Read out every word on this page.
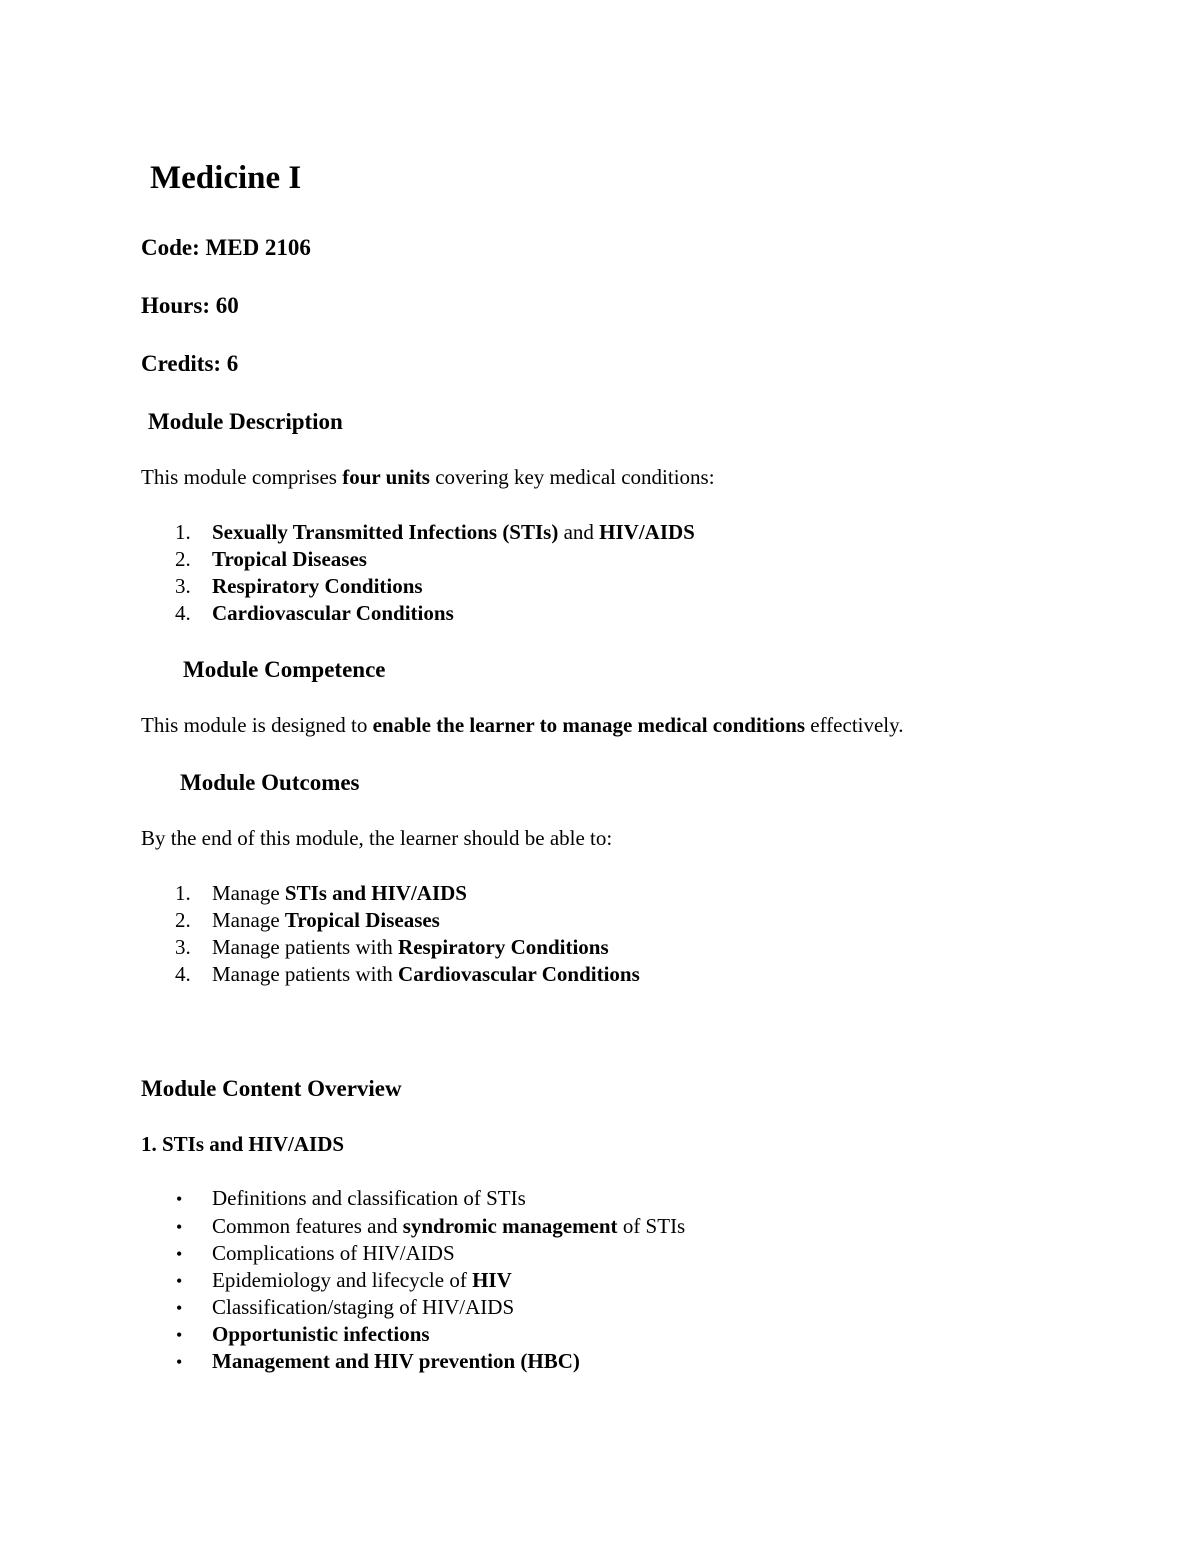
Medicine I
Code: MED 2106
Hours: 60
Credits: 6
Module Description
This module comprises four units covering key medical conditions:
1. Sexually Transmitted Infections (STIs) and HIV/AIDS
2. Tropical Diseases
3. Respiratory Conditions
4. Cardiovascular Conditions
Module Competence
This module is designed to enable the learner to manage medical conditions effectively.
Module Outcomes
By the end of this module, the learner should be able to:
1. Manage STIs and HIV/AIDS
2. Manage Tropical Diseases
3. Manage patients with Respiratory Conditions
4. Manage patients with Cardiovascular Conditions
Module Content Overview
1. STIs and HIV/AIDS
• Definitions and classification of STIs
• Common features and syndromic management of STIs
• Complications of HIV/AIDS
• Epidemiology and lifecycle of HIV
• Classification/staging of HIV/AIDS
• Opportunistic infections
• Management and HIV prevention (HBC)
